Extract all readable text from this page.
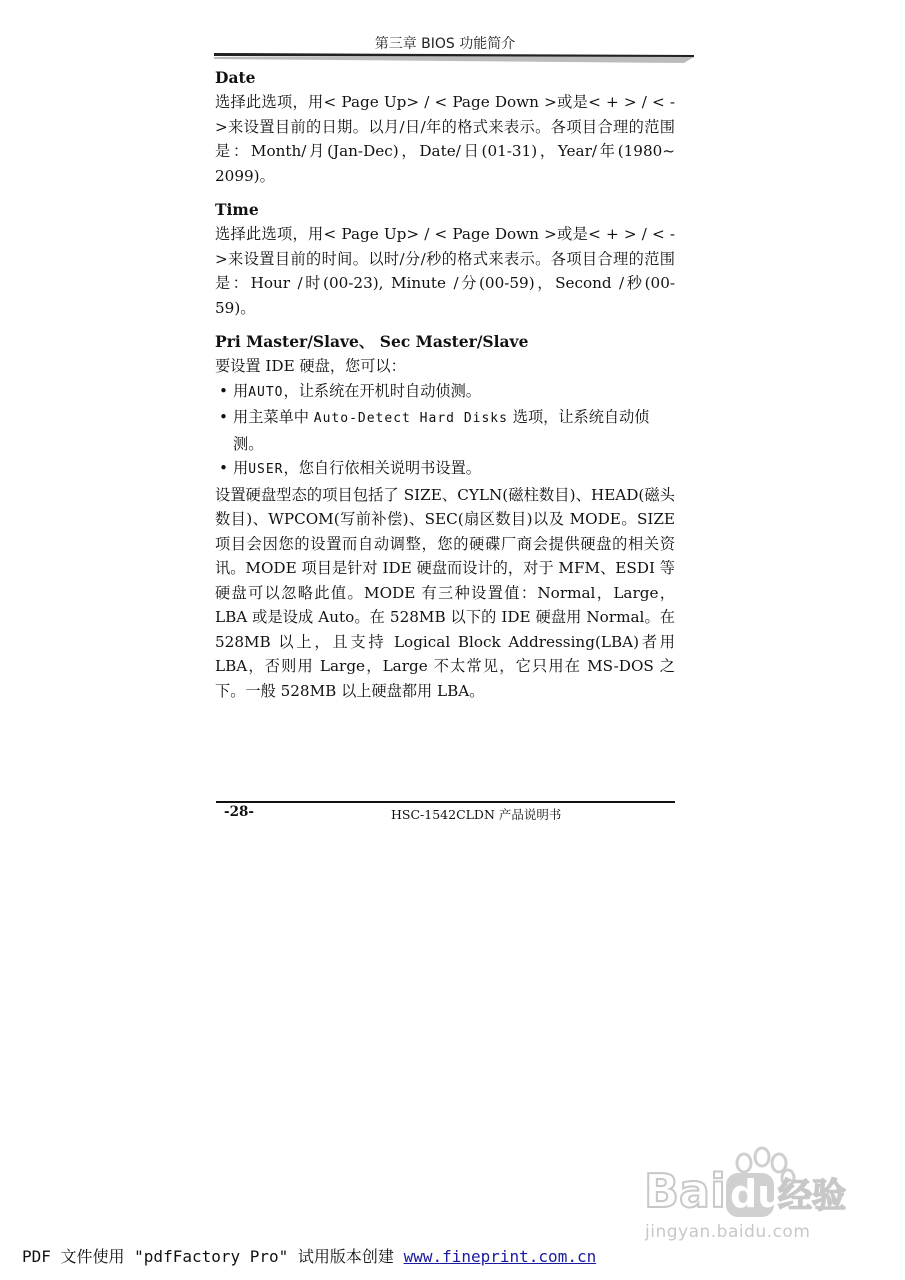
第三章 BIOS 功能简介
Date

选择此选项，用< Page Up> / < Page Down >或是< + > / < - >来设置目前的日期。以月/日/年的格式来表示。各项目合理的范围是：Month/月(Jan-Dec)，Date/日(01-31)，Year/年(1980~ 2099)。

Time

选择此选项，用< Page Up> / < Page Down >或是< + > / < - >来设置目前的时间。以时/分/秒的格式来表示。各项目合理的范围是：Hour /时(00-23), Minute /分(00-59)，Second /秒(00-59)。

Pri Master/Slave、 Sec Master/Slave

要设置 IDE 硬盘，您可以：

• 用AUTO，让系统在开机时自动侦测。
• 用主菜单中 Auto-Detect Hard Disks 选项，让系统自动侦测。
• 用USER，您自行依相关说明书设置。

设置硬盘型态的项目包括了 SIZE、CYLN(磁柱数目)、HEAD(磁头数目)、WPCOM(写前补偿)、SEC(扇区数目)以及 MODE。SIZE 项目会因您的设置而自动调整，您的硬碟厂商会提供硬盘的相关资讯。MODE 项目是针对 IDE 硬盘而设计的，对于 MFM、ESDI 等硬盘可以忽略此值。MODE 有三种设置值：Normal，Large，LBA 或是设成 Auto。在 528MB 以下的 IDE 硬盘用 Normal。在 528MB 以上，且支持 Logical Block Addressing(LBA)者用 LBA，否则用 Large，Large 不太常见，它只用在 MS-DOS 之下。一般 528MB 以上硬盘都用 LBA。

-28-	HSC-1542CLDN 产品说明书
Bai du
经验
jingyan.baidu.com
PDF 文件使用 "pdfFactory Pro" 试用版本创建 www.fineprint.com.cn
